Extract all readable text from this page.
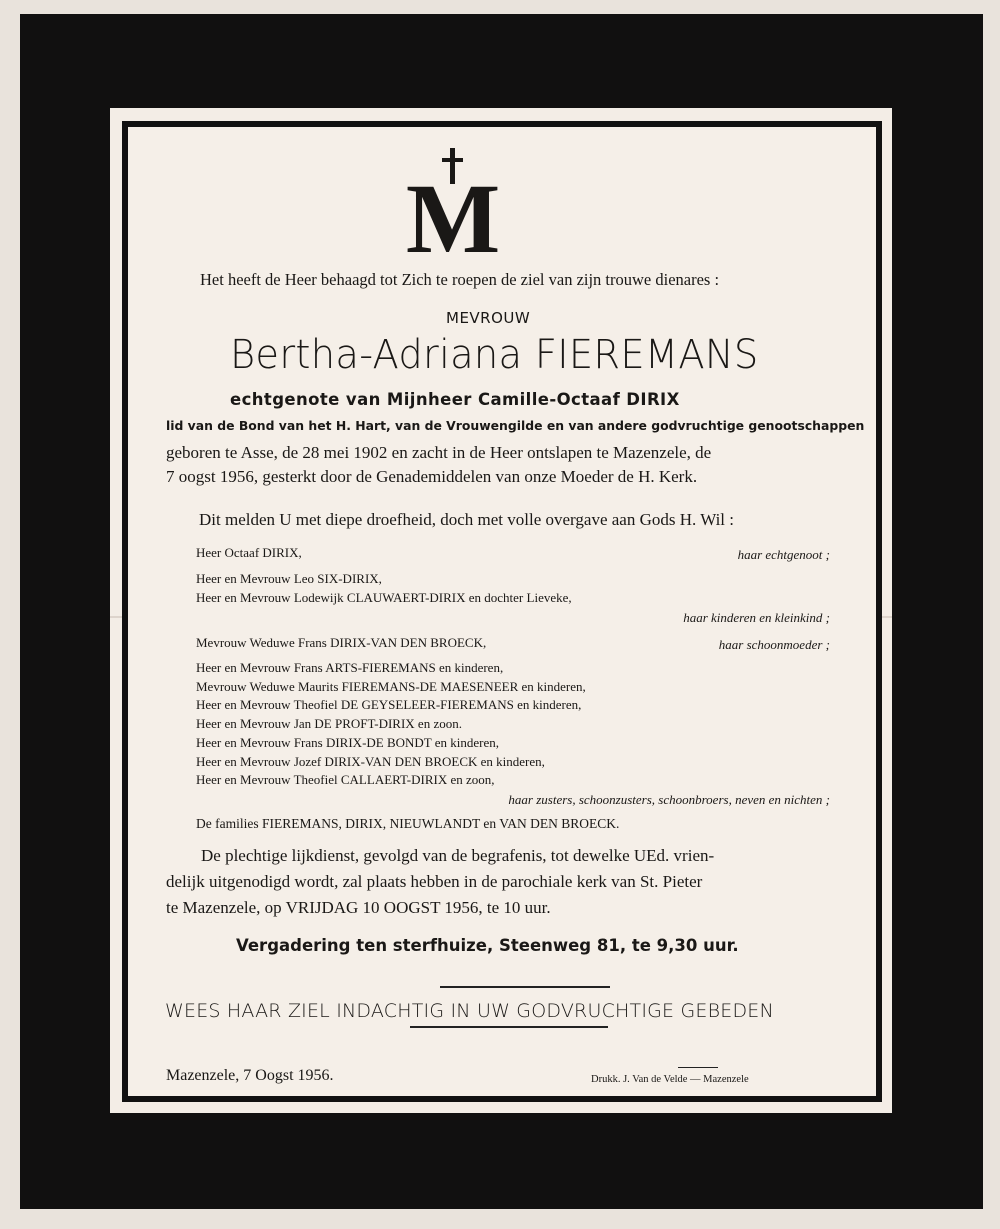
M
Het heeft de Heer behaagd tot Zich te roepen de ziel van zijn trouwe dienares :
MEVROUW
Bertha-Adriana FIEREMANS
echtgenote van Mijnheer Camille-Octaaf DIRIX
lid van de Bond van het H. Hart, van de Vrouwengilde en van andere godvruchtige genootschappen
geboren te Asse, de 28 mei 1902 en zacht in de Heer ontslapen te Mazenzele, de
7 oogst 1956, gesterkt door de Genademiddelen van onze Moeder de H. Kerk.
Dit melden U met diepe droefheid, doch met volle overgave aan Gods H. Wil :
Heer Octaaf DIRIX,	haar echtgenoot ;
Heer en Mevrouw Leo SIX-DIRIX,
Heer en Mevrouw Lodewijk CLAUWAERT-DIRIX en dochter Lieveke,
haar kinderen en kleinkind ;
Mevrouw Weduwe Frans DIRIX-VAN DEN BROECK,	haar schoonmoeder ;
Heer en Mevrouw Frans ARTS-FIEREMANS en kinderen,
Mevrouw Weduwe Maurits FIEREMANS-DE MAESENEER en kinderen,
Heer en Mevrouw Theofiel DE GEYSELEER-FIEREMANS en kinderen,
Heer en Mevrouw Jan DE PROFT-DIRIX en zoon.
Heer en Mevrouw Frans DIRIX-DE BONDT en kinderen,
Heer en Mevrouw Jozef DIRIX-VAN DEN BROECK en kinderen,
Heer en Mevrouw Theofiel CALLAERT-DIRIX en zoon,
haar zusters, schoonzusters, schoonbroers, neven en nichten ;
De families FIEREMANS, DIRIX, NIEUWLANDT en VAN DEN BROECK.
De plechtige lijkdienst, gevolgd van de begrafenis, tot dewelke UEd. vrien-
delijk uitgenodigd wordt, zal plaats hebben in de parochiale kerk van St. Pieter
te Mazenzele, op VRIJDAG 10 OOGST 1956, te 10 uur.
Vergadering ten sterfhuize, Steenweg 81, te 9,30 uur.
WEES HAAR ZIEL INDACHTIG IN UW GODVRUCHTIGE GEBEDEN
Mazenzele, 7 Oogst 1956.	Drukk. J. Van de Velde — Mazenzele
